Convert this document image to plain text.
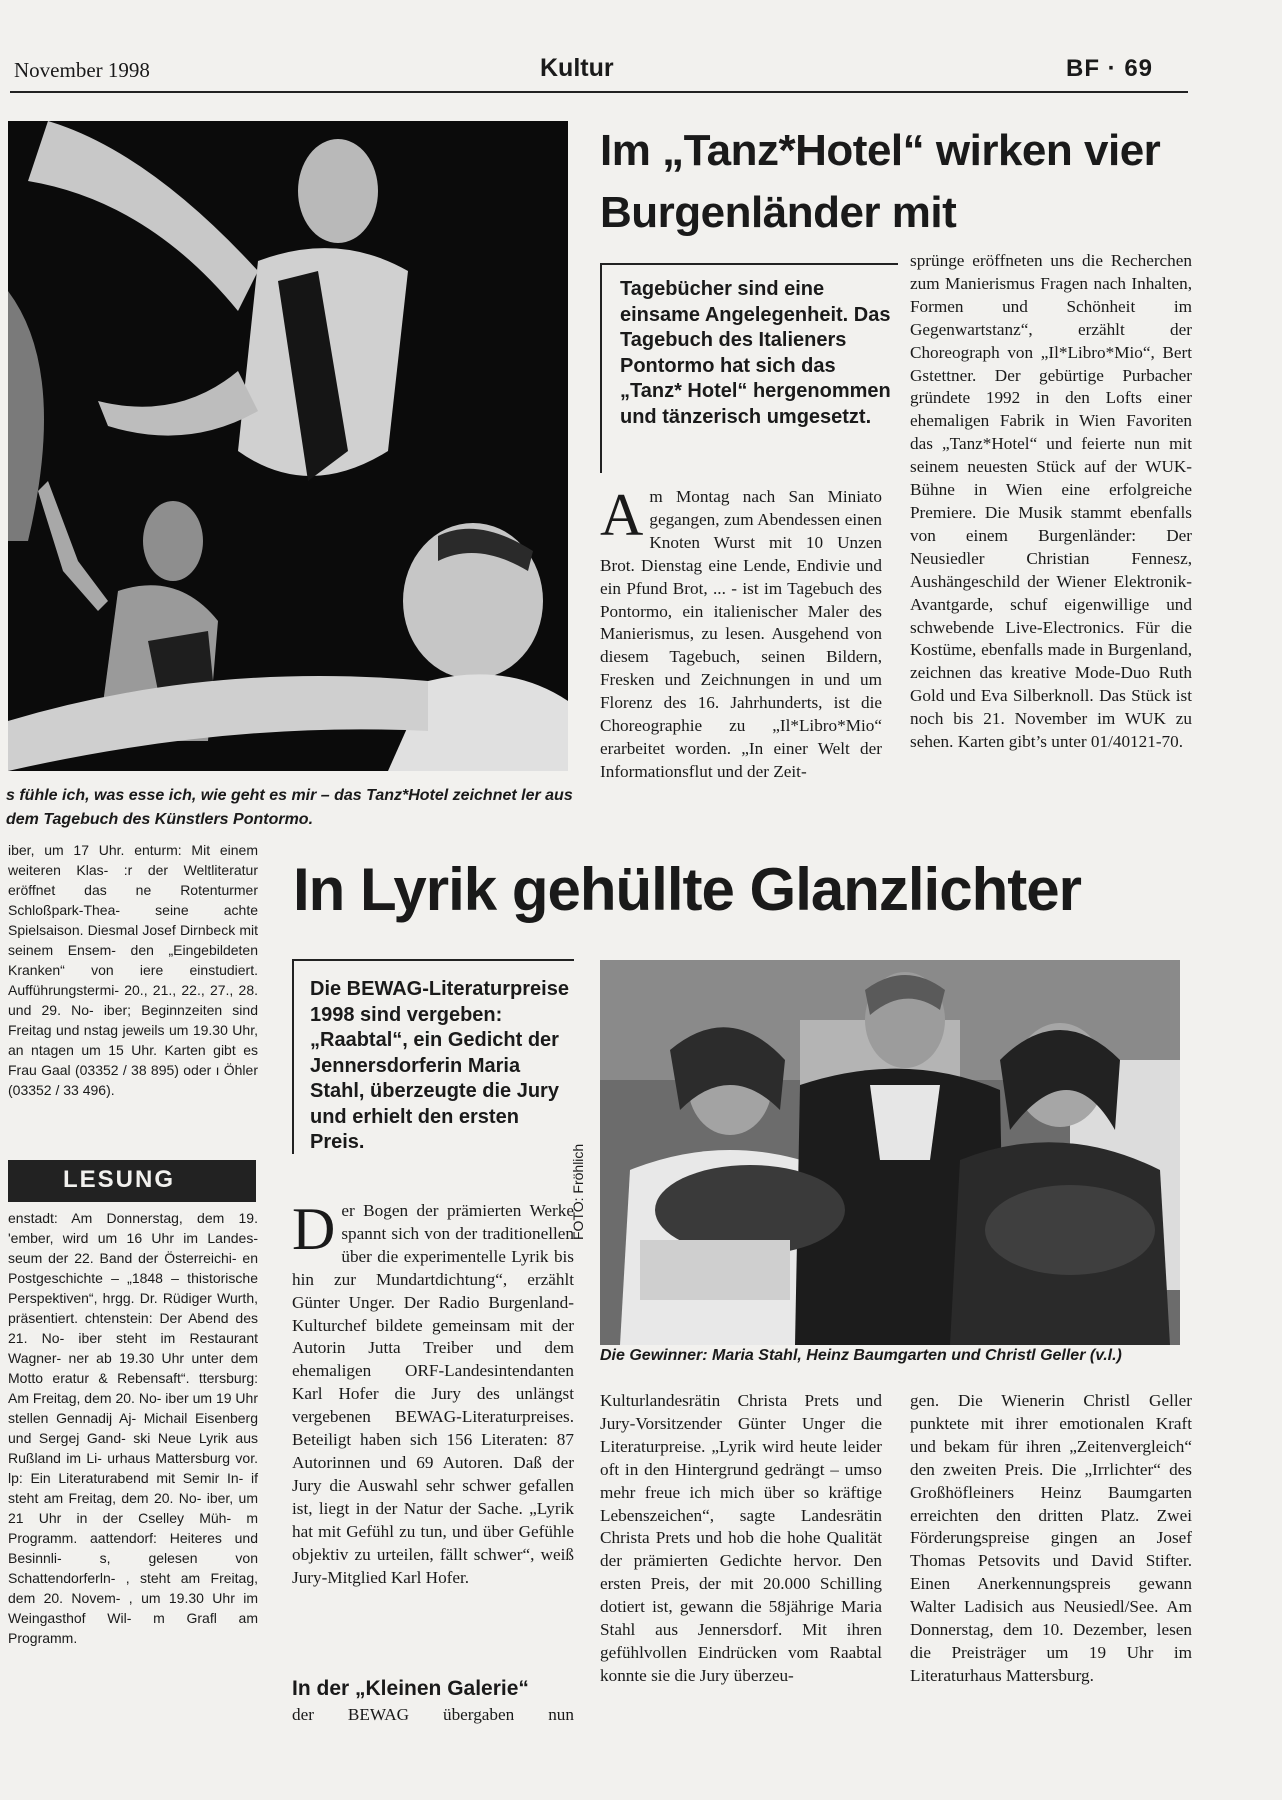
November 1998	Kultur	BF · 69
s fühle ich, was esse ich, wie geht es mir – das Tanz*Hotel zeichnet ler aus dem Tagebuch des Künstlers Pontormo.
Im „Tanz*Hotel“ wirken vier Burgenländer mit
Tagebücher sind eine einsame Angelegenheit. Das Tagebuch des Italieners Pontormo hat sich das „Tanz* Hotel“ hergenommen und tänzerisch umgesetzt.
A m Montag nach San Miniato gegangen, zum Abendessen einen Knoten Wurst mit 10 Unzen Brot. Dienstag eine Lende, Endivie und ein Pfund Brot, ... - ist im Tagebuch des Pontormo, ein italienischer Maler des Manierismus, zu lesen. Ausgehend von diesem Tagebuch, seinen Bildern, Fresken und Zeichnungen in und um Florenz des 16. Jahrhunderts, ist die Choreographie zu „Il*Libro*Mio“ erarbeitet worden. „In einer Welt der Informationsflut und der Zeit-
sprünge eröffneten uns die Recherchen zum Manierismus Fragen nach Inhalten, Formen und Schönheit im Gegenwartstanz“, erzählt der Choreograph von „Il*Libro*Mio“, Bert Gstettner. Der gebürtige Purbacher gründete 1992 in den Lofts einer ehemaligen Fabrik in Wien Favoriten das „Tanz*Hotel“ und feierte nun mit seinem neuesten Stück auf der WUK-Bühne in Wien eine erfolgreiche Premiere. Die Musik stammt ebenfalls von einem Burgenländer: Der Neusiedler Christian Fennesz, Aushängeschild der Wiener Elektronik-Avantgarde, schuf eigenwillige und schwebende Live-Electronics. Für die Kostüme, ebenfalls made in Burgenland, zeichnen das kreative Mode-Duo Ruth Gold und Eva Silberknoll. Das Stück ist noch bis 21. November im WUK zu sehen. Karten gibt’s unter 01/40121-70.
iber, um 17 Uhr. enturm: Mit einem weiteren Klas- :r der Weltliteratur eröffnet das ne Rotenturmer Schloßpark-Thea- seine achte Spielsaison. Diesmal Josef Dirnbeck mit seinem Ensem- den „Eingebildeten Kranken“ von iere einstudiert. Aufführungstermi- 20., 21., 22., 27., 28. und 29. No- iber; Beginnzeiten sind Freitag und nstag jeweils um 19.30 Uhr, an ntagen um 15 Uhr. Karten gibt es Frau Gaal (03352 / 38 895) oder ı Öhler (03352 / 33 496).
LESUNG
enstadt: Am Donnerstag, dem 19. 'ember, wird um 16 Uhr im Landes- seum der 22. Band der Österreichi- en Postgeschichte – „1848 – thistorische Perspektiven“, hrgg. Dr. Rüdiger Wurth, präsentiert. chtenstein: Der Abend des 21. No- iber steht im Restaurant Wagner- ner ab 19.30 Uhr unter dem Motto eratur & Rebensaft“. ttersburg: Am Freitag, dem 20. No- iber um 19 Uhr stellen Gennadij Aj- Michail Eisenberg und Sergej Gand- ski Neue Lyrik aus Rußland im Li- urhaus Mattersburg vor. lp: Ein Literaturabend mit Semir In- if steht am Freitag, dem 20. No- iber, um 21 Uhr in der Cselley Müh- m Programm. aattendorf: Heiteres und Besinnli- s, gelesen von Schattendorferln- , steht am Freitag, dem 20. Novem- , um 19.30 Uhr im Weingasthof Wil- m Grafl am Programm.
In Lyrik gehüllte Glanzlichter
Die BEWAG-Literaturpreise 1998 sind vergeben: „Raabtal“, ein Gedicht der Jennersdorferin Maria Stahl, überzeugte die Jury und erhielt den ersten Preis.
FOTO: Fröhlich
Die Gewinner: Maria Stahl, Heinz Baumgarten und Christl Geller (v.l.)
D er Bogen der prämierten Werke spannt sich von der traditionellen über die experimentelle Lyrik bis hin zur Mundartdichtung“, erzählt Günter Unger. Der Radio Burgenland-Kulturchef bildete gemeinsam mit der Autorin Jutta Treiber und dem ehemaligen ORF-Landesintendanten Karl Hofer die Jury des unlängst vergebenen BEWAG-Literaturpreises. Beteiligt haben sich 156 Literaten: 87 Autorinnen und 69 Autoren. Daß der Jury die Auswahl sehr schwer gefallen ist, liegt in der Natur der Sache. „Lyrik hat mit Gefühl zu tun, und über Gefühle objektiv zu urteilen, fällt schwer“, weiß Jury-Mitglied Karl Hofer.
In der „Kleinen Galerie“
der BEWAG übergaben nun
Kulturlandesrätin Christa Prets und Jury-Vorsitzender Günter Unger die Literaturpreise. „Lyrik wird heute leider oft in den Hintergrund gedrängt – umso mehr freue ich mich über so kräftige Lebenszeichen“, sagte Landesrätin Christa Prets und hob die hohe Qualität der prämierten Gedichte hervor. Den ersten Preis, der mit 20.000 Schilling dotiert ist, gewann die 58jährige Maria Stahl aus Jennersdorf. Mit ihren gefühlvollen Eindrücken vom Raabtal konnte sie die Jury überzeu-
gen. Die Wienerin Christl Geller punktete mit ihrer emotionalen Kraft und bekam für ihren „Zeitenvergleich“ den zweiten Preis. Die „Irrlichter“ des Großhöfleiners Heinz Baumgarten erreichten den dritten Platz. Zwei Förderungspreise gingen an Josef Thomas Petsovits und David Stifter. Einen Anerkennungspreis gewann Walter Ladisich aus Neusiedl/See. Am Donnerstag, dem 10. Dezember, lesen die Preisträger um 19 Uhr im Literaturhaus Mattersburg.
